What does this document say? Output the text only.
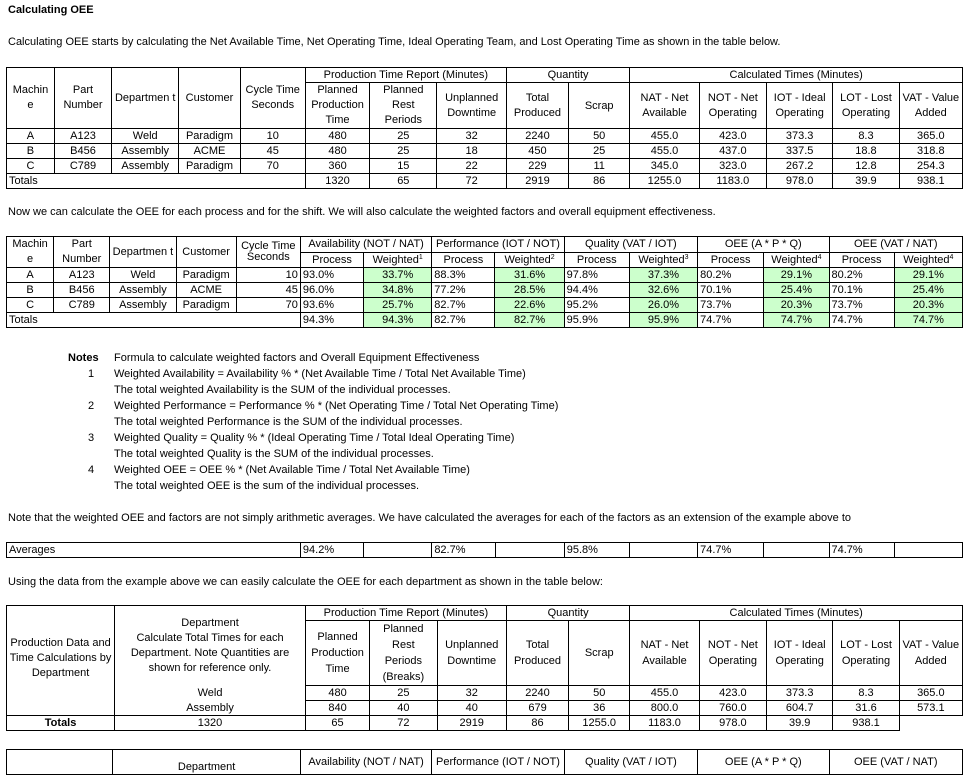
Calculating OEE
Calculating OEE starts by calculating the Net Available Time, Net Operating Time, Ideal Operating Team, and Lost Operating Time as shown in the table below.
Machin e	Part Number	Departmen t	Customer	Cycle Time Seconds	Production Time Report (Minutes)			Quantity		Calculated Times (Minutes)				
					Planned Production Time	Planned Rest Periods	Unplanned Downtime	Total Produced	Scrap	NAT - Net Available	NOT - Net Operating	IOT - Ideal Operating	LOT - Lost Operating	VAT - Value Added

A	A123	Weld	Paradigm	10	480	25	32	2240	50	455.0	423.0	373.3	8.3	365.0
B	B456	Assembly	ACME	45	480	25	18	450	25	455.0	437.0	337.5	18.8	318.8
C	C789	Assembly	Paradigm	70	360	15	22	229	11	345.0	323.0	267.2	12.8	254.3
Totals					1320	65	72	2919	86	1255.0	1183.0	978.0	39.9	938.1
Now we can calculate the OEE for each process and for the shift. We will also calculate the weighted factors and overall equipment effectiveness.
Machin e	Part Number	Departmen t	Customer	Cycle Time Seconds	Availability (NOT / NAT)		Performance (IOT / NOT)		Quality (VAT / IOT)		OEE (A * P * Q)		OEE (VAT / NAT)	
					Process	Weighted$^1$	Process	Weighted$^2$	Process	Weighted$^3$	Process	Weighted$^4$	Process	Weighted$^4$
A	A123	Weld	Paradigm	10	93.0%	33.7%	88.3%	31.6%	97.8%	37.3%	80.2%	29.1%	80.2%	29.1%
B	B456	Assembly	ACME	45	96.0%	34.8%	77.2%	28.5%	94.4%	32.6%	70.1%	25.4%	70.1%	25.4%
C	C789	Assembly	Paradigm	70	93.6%	25.7%	82.7%	22.6%	95.2%	26.0%	73.7%	20.3%	73.7%	20.3%
Totals					94.3%	94.3%	82.7%	82.7%	95.9%	95.9%	74.7%	74.7%	74.7%	74.7%
Notes Formula to calculate weighted factors and Overall Equipment Effectiveness
1 Weighted Availability = Availability % * (Net Available Time / Total Net Available Time)
The total weighted Availability is the SUM of the individual processes.
2 Weighted Performance = Performance % * (Net Operating Time / Total Net Operating Time)
The total weighted Performance is the SUM of the individual processes.
3 Weighted Quality = Quality % * (Ideal Operating Time / Total Ideal Operating Time)
The total weighted Quality is the SUM of the individual processes.
4 Weighted OEE = OEE % * (Net Available Time / Total Net Available Time)
The total weighted OEE is the sum of the individual processes.
Note that the weighted OEE and factors are not simply arithmetic averages. We have calculated the averages for each of the factors as an extension of the example above to
Averages	94.2%		82.7%		95.8%		74.7%		74.7%	
Using the data from the example above we can easily calculate the OEE for each department as shown in the table below:
Production Data and Time Calculations by Department	Department
Calculate Total Times for each Department. Note Quantities are shown for reference only.	Production Time Report (Minutes)			Quantity		Calculated Times (Minutes)				
		Planned Production Time	Planned Rest Periods (Breaks)	Unplanned Downtime	Total Produced	Scrap	NAT - Net Available	NOT - Net Operating	IOT - Ideal Operating	LOT - Lost Operating	VAT - Value Added

	Weld	480	25	32	2240	50	455.0	423.0	373.3	8.3	365.0
	Assembly	840	40	40	679	36	800.0	760.0	604.7	31.6	573.1
Totals	1320	65	72	2919	86	1255.0	1183.0	978.0	39.9	938.1	
	Department	Availability (NOT / NAT)	Performance (IOT / NOT)	Quality (VAT / IOT)	OEE (A * P * Q)	OEE (VAT / NAT)
